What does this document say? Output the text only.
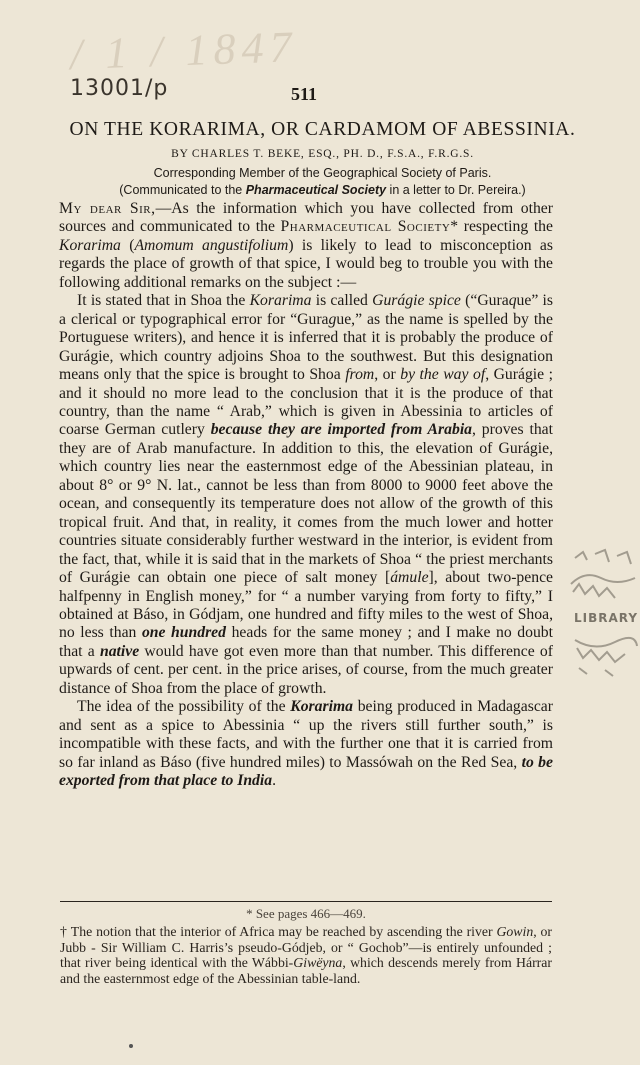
/ 1 / 1847
13001/p	511
ON THE KORARIMA, OR CARDAMOM OF ABESSINIA.
BY CHARLES T. BEKE, ESQ., PH. D., F.S.A., F.R.G.S.
Corresponding Member of the Geographical Society of Paris.
(Communicated to the Pharmaceutical Society in a letter to Dr. Pereira.)

My dear Sir,—As the information which you have collected from other sources and communicated to the Pharmaceutical Society* respecting the Korarima (Amomum angustifolium) is likely to lead to misconception as regards the place of growth of that spice, I would beg to trouble you with the following additional remarks on the subject :—

It is stated that in Shoa the Korarima is called Gurágie spice (“Guraque” is a clerical or typographical error for “Gurague,” as the name is spelled by the Portuguese writers), and hence it is inferred that it is probably the produce of Gurágie, which country adjoins Shoa to the southwest. But this designation means only that the spice is brought to Shoa from, or by the way of, Gurágie ; and it should no more lead to the conclusion that it is the produce of that country, than the name “ Arab,” which is given in Abessinia to articles of coarse German cutlery because they are imported from Arabia, proves that they are of Arab manufacture. In addition to this, the elevation of Gurágie, which country lies near the easternmost edge of the Abessinian plateau, in about 8° or 9° N. lat., cannot be less than from 8000 to 9000 feet above the ocean, and consequently its temperature does not allow of the growth of this tropical fruit. And that, in reality, it comes from the much lower and hotter countries situate considerably further westward in the interior, is evident from the fact, that, while it is said that in the markets of Shoa “ the priest merchants of Gurágie can obtain one piece of salt money [ámule], about two-pence halfpenny in English money,” for “ a number varying from forty to fifty,” I obtained at Báso, in Gódjam, one hundred and fifty miles to the west of Shoa, no less than one hundred heads for the same money ; and I make no doubt that a native would have got even more than that number. This difference of upwards of cent. per cent. in the price arises, of course, from the much greater distance of Shoa from the place of growth.

The idea of the possibility of the Korarima being produced in Madagascar and sent as a spice to Abessinia “ up the rivers still further south,” is incompatible with these facts, and with the further one that it is carried from so far inland as Báso (five hundred miles) to Massówah on the Red Sea, to be exported from that place to India.

* See pages 466—469.
† The notion that the interior of Africa may be reached by ascending the river Gowin, or Jubb - Sir William C. Harris’s pseudo-Gódjeb, or “ Gochob”—is entirely unfounded ; that river being identical with the Wábbi-Giwëyna, which descends merely from Hárrar and the easternmost edge of the Abessinian table-land.
LIBRARY
